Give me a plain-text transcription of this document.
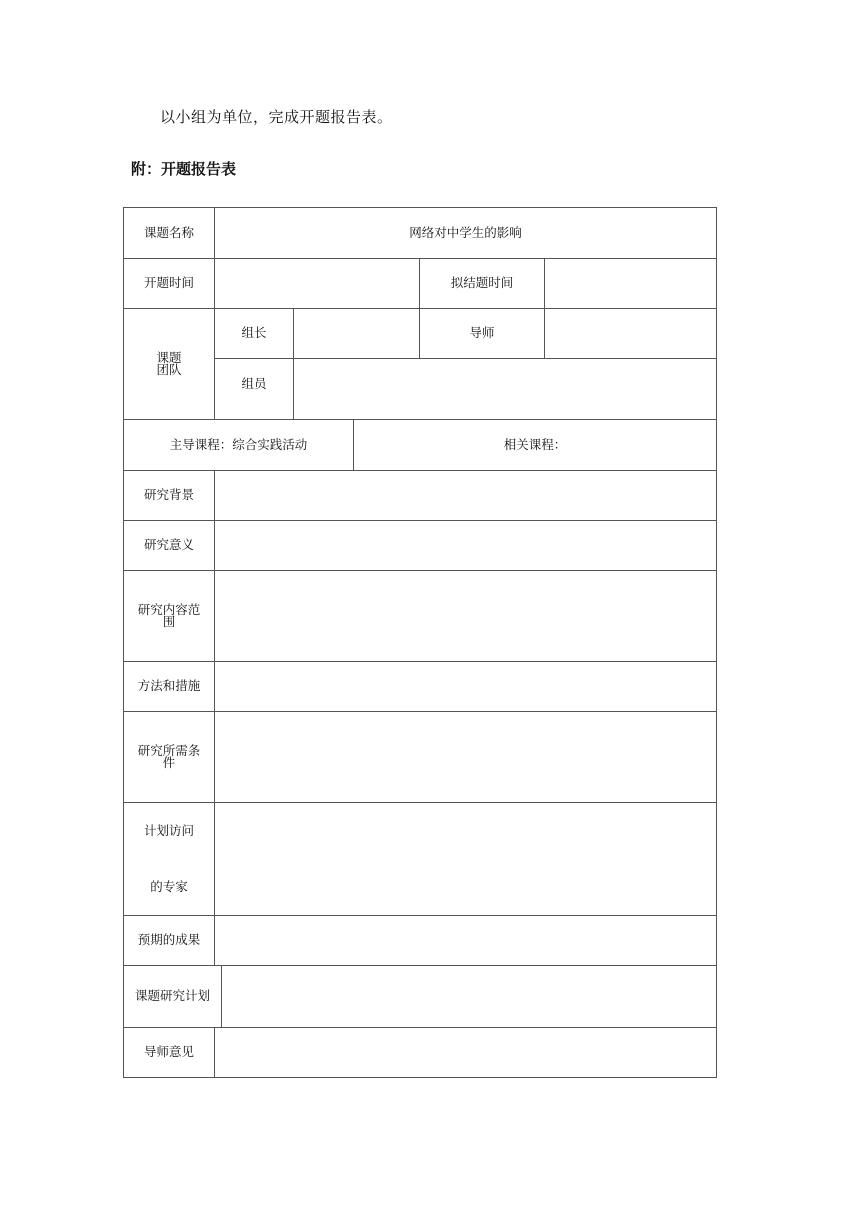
以小组为单位，完成开题报告表。
附：开题报告表
课题名称	网络对中学生的影响			
开题时间			拟结题时间	

课题
团队	组长		导师	
	组员			

主导课程：综合实践活动 相关课程：				

研究背景				
研究意义				

研究内容范
围				

方法和措施				

研究所需条
件				

计划访问
的专家				

预期的成果				

课题研究计划				

导师意见				
